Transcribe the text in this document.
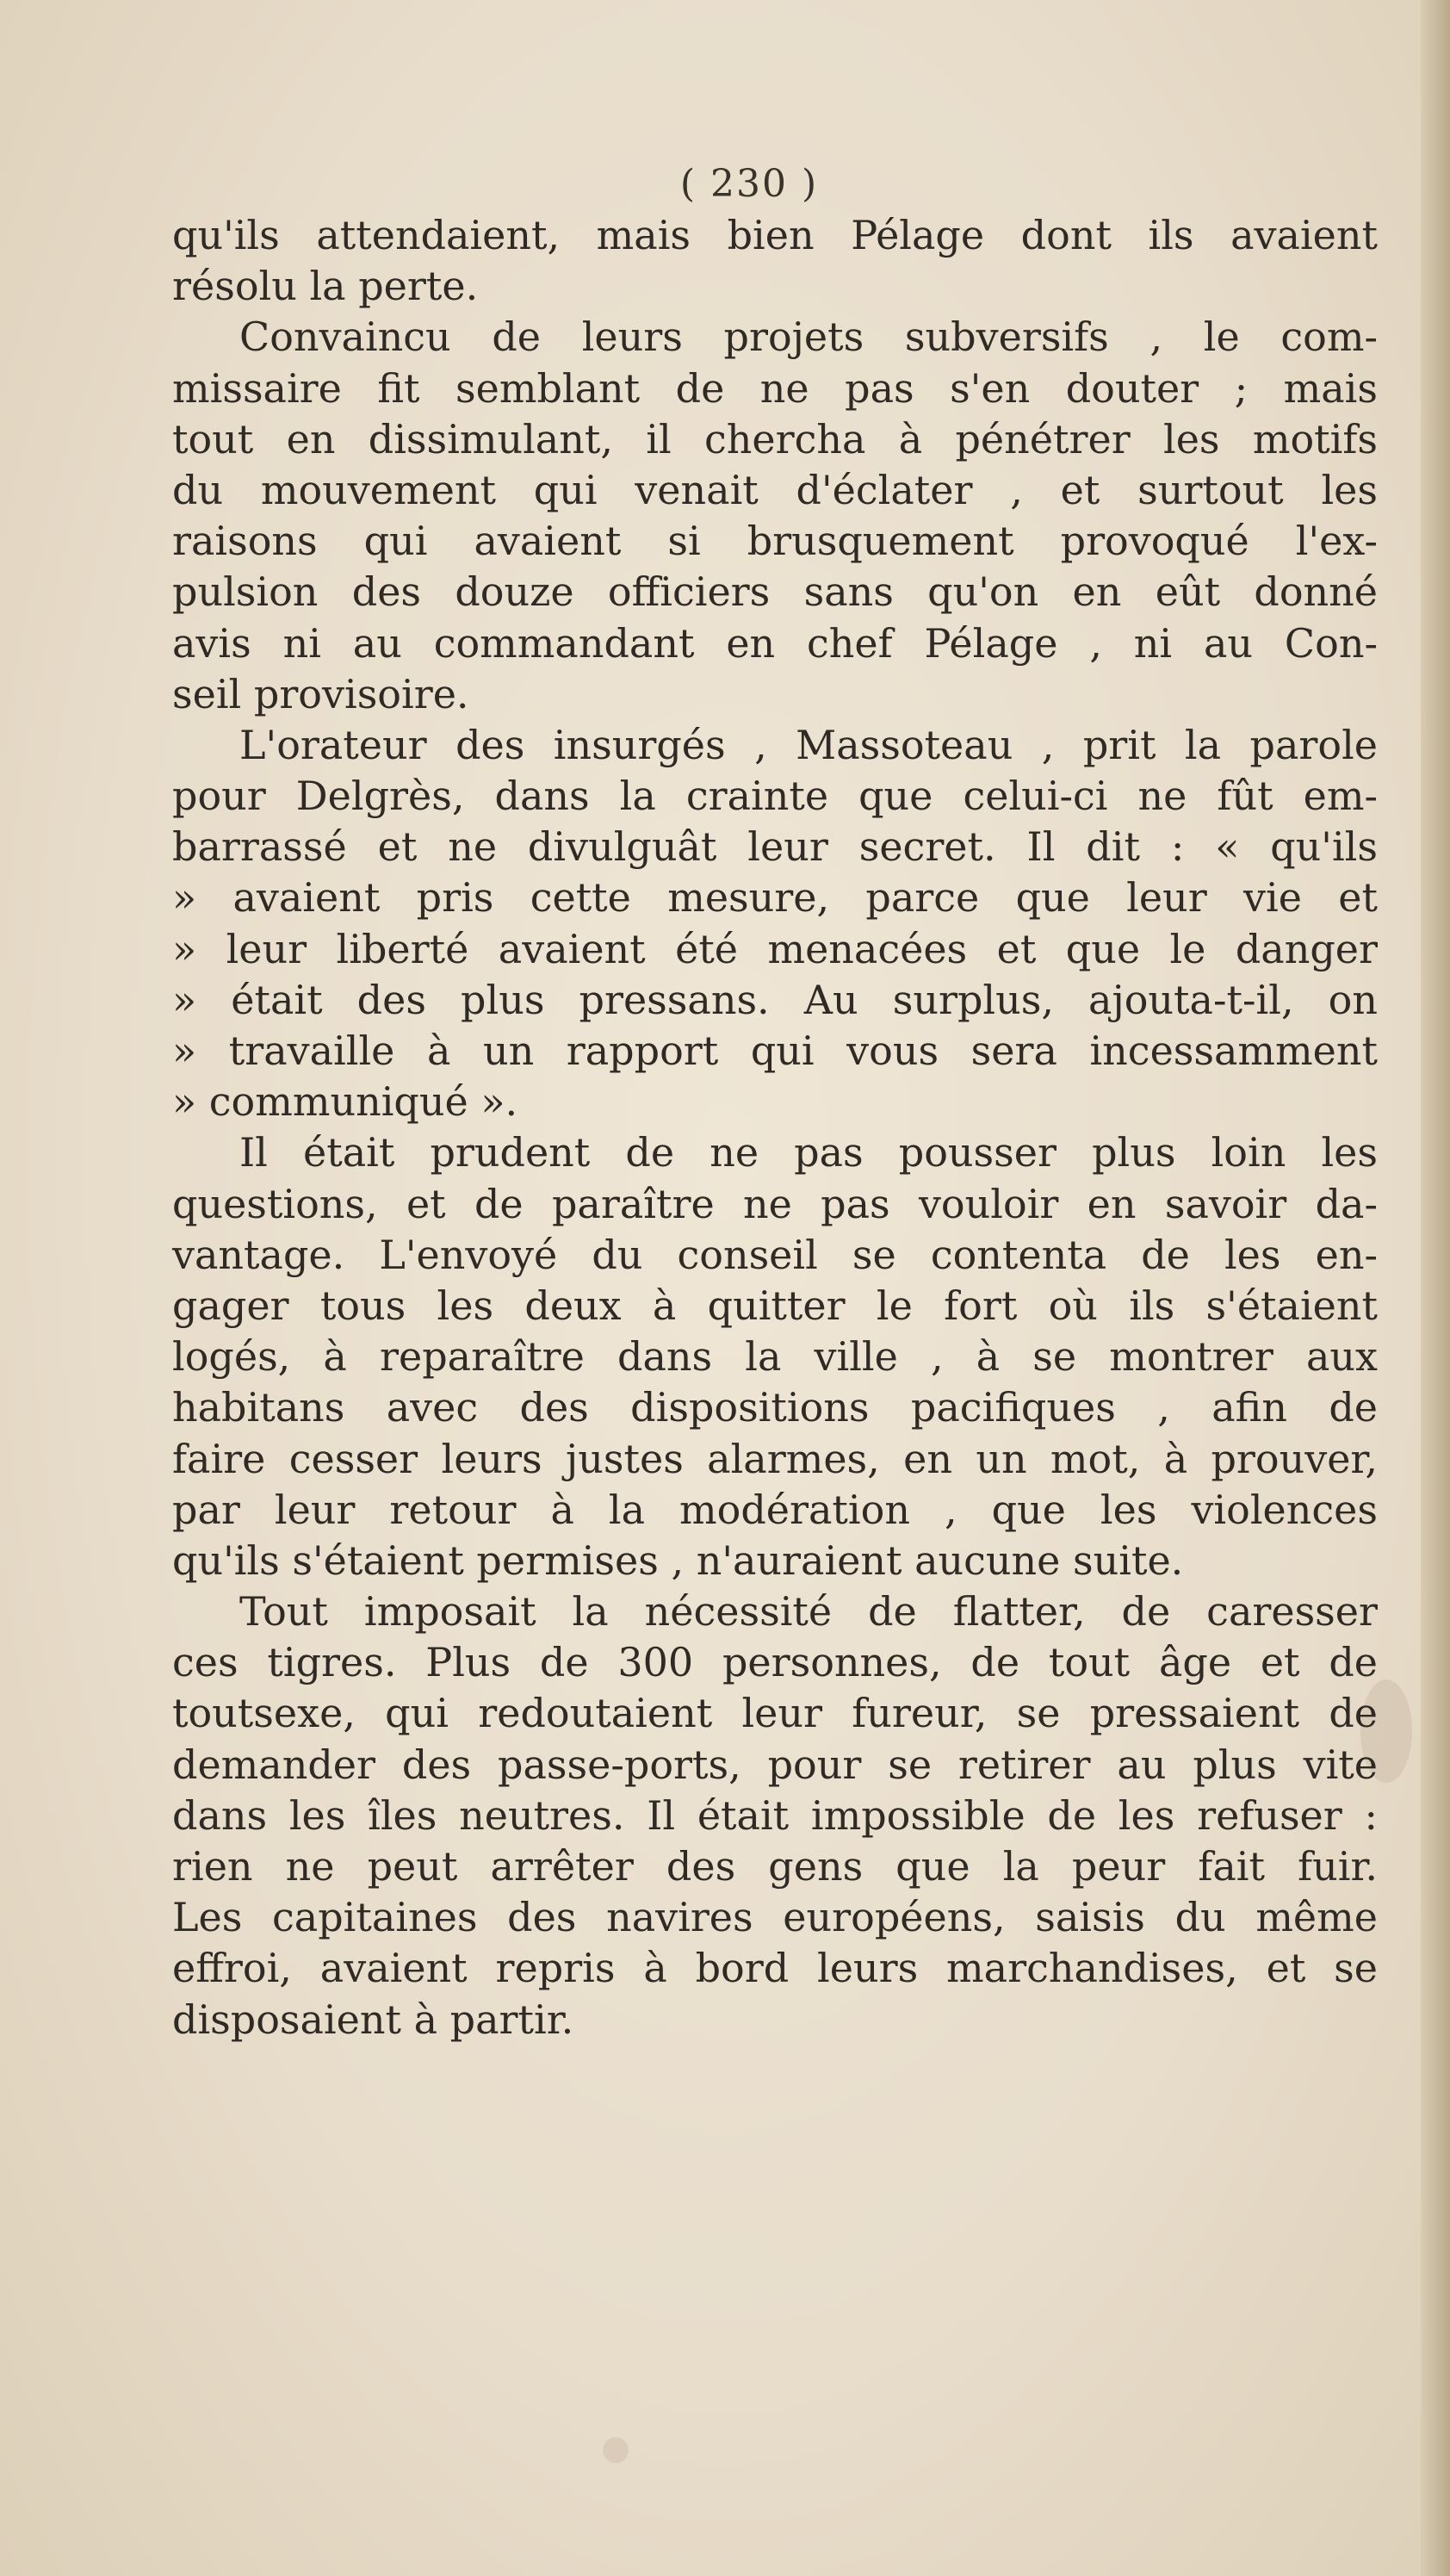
( 230 )
qu'ils attendaient, mais bien Pélage dont ils avaient
résolu la perte.
Convaincu de leurs projets subversifs , le com-
missaire fit semblant de ne pas s'en douter ; mais
tout en dissimulant, il chercha à pénétrer les motifs
du mouvement qui venait d'éclater , et surtout les
raisons qui avaient si brusquement provoqué l'ex-
pulsion des douze officiers sans qu'on en eût donné
avis ni au commandant en chef Pélage , ni au Con-
seil provisoire.
L'orateur des insurgés , Massoteau , prit la parole
pour Delgrès, dans la crainte que celui-ci ne fût em-
barrassé et ne divulguât leur secret. Il dit : « qu'ils
» avaient pris cette mesure, parce que leur vie et
» leur liberté avaient été menacées et que le danger
» était des plus pressans. Au surplus, ajouta-t-il, on
» travaille à un rapport qui vous sera incessamment
» communiqué ».
Il était prudent de ne pas pousser plus loin les
questions, et de paraître ne pas vouloir en savoir da-
vantage. L'envoyé du conseil se contenta de les en-
gager tous les deux à quitter le fort où ils s'étaient
logés, à reparaître dans la ville , à se montrer aux
habitans avec des dispositions pacifiques , afin de
faire cesser leurs justes alarmes, en un mot, à prouver,
par leur retour à la modération , que les violences
qu'ils s'étaient permises , n'auraient aucune suite.
Tout imposait la nécessité de flatter, de caresser
ces tigres. Plus de 300 personnes, de tout âge et de
toutsexe, qui redoutaient leur fureur, se pressaient de
demander des passe-ports, pour se retirer au plus vite
dans les îles neutres. Il était impossible de les refuser :
rien ne peut arrêter des gens que la peur fait fuir.
Les capitaines des navires européens, saisis du même
effroi, avaient repris à bord leurs marchandises, et se
disposaient à partir.
